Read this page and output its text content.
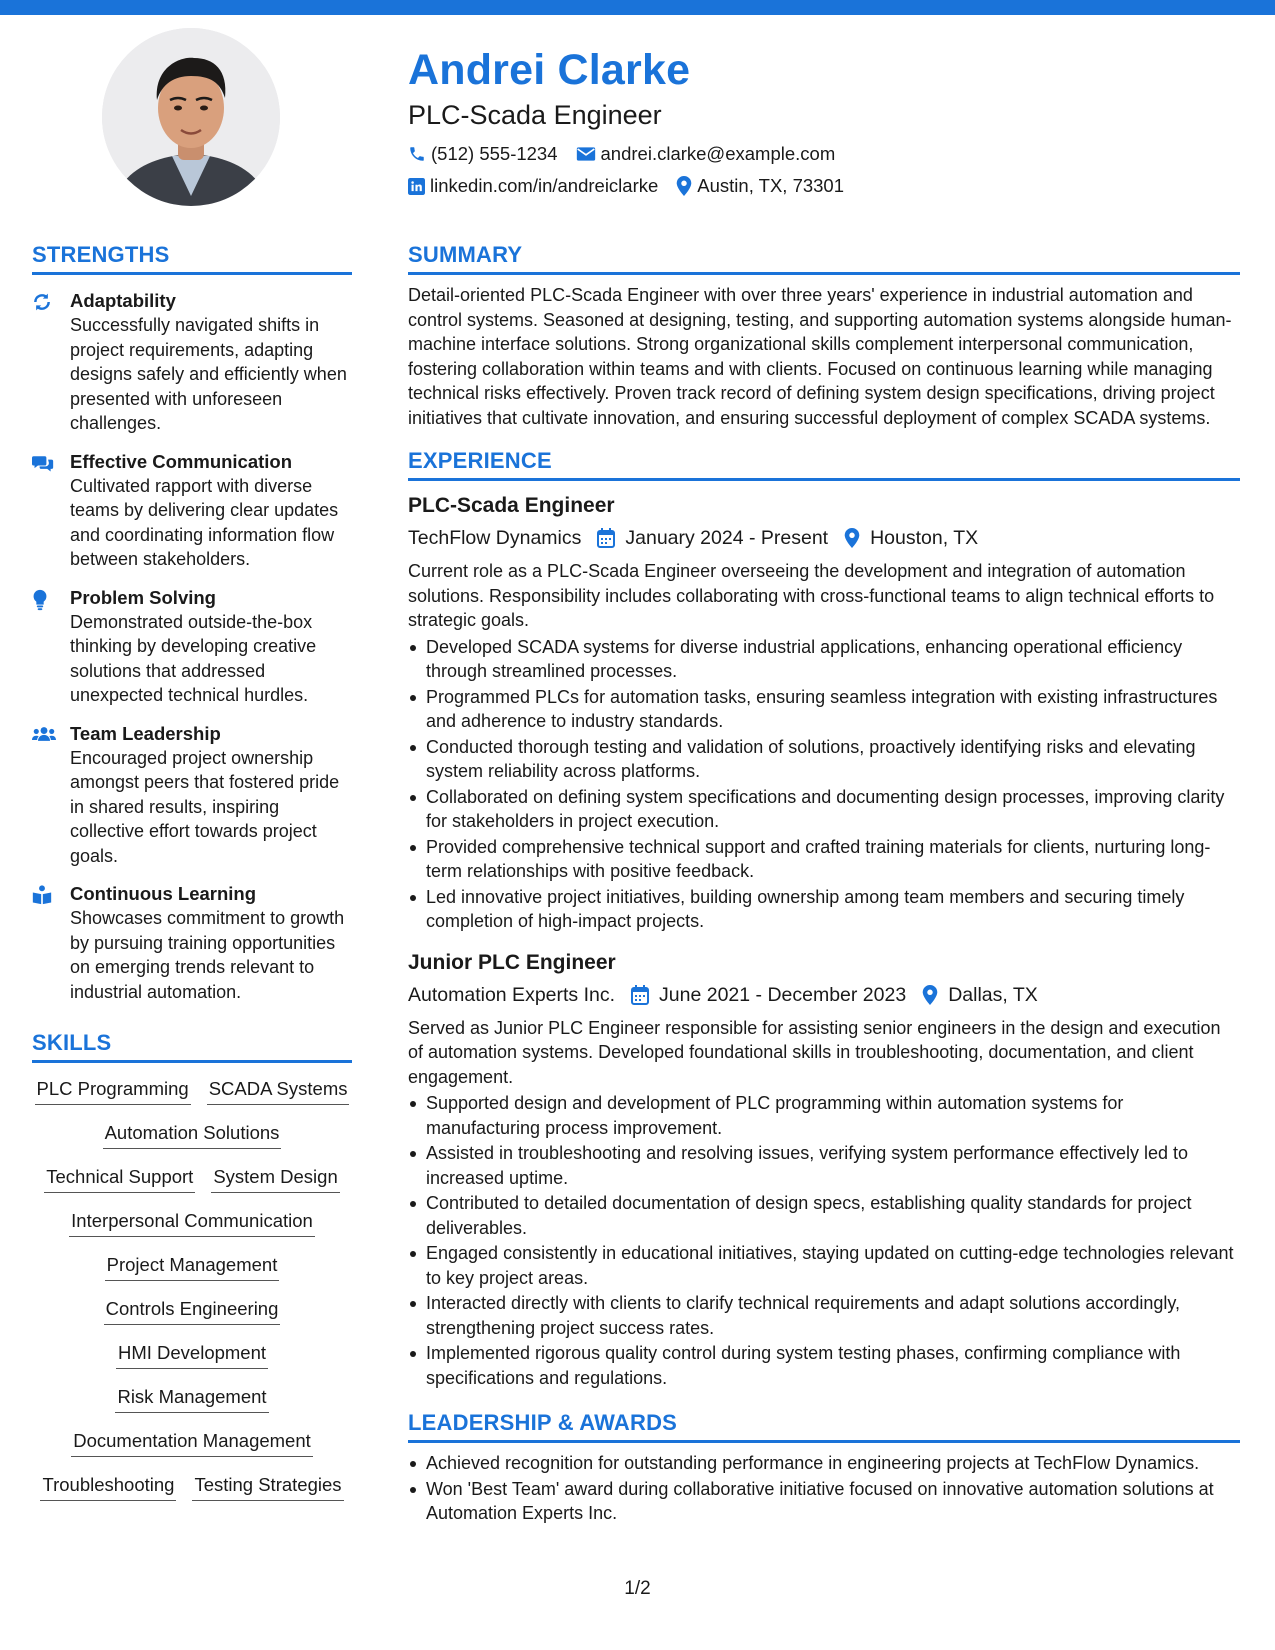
Andrei Clarke
PLC-Scada Engineer
(512) 555-1234 andrei.clarke@example.com
linkedin.com/in/andreiclarke Austin, TX, 73301
STRENGTHS
Adaptability
Successfully navigated shifts in project requirements, adapting designs safely and efficiently when presented with unforeseen challenges.
Effective Communication
Cultivated rapport with diverse teams by delivering clear updates and coordinating information flow between stakeholders.
Problem Solving
Demonstrated outside-the-box thinking by developing creative solutions that addressed unexpected technical hurdles.
Team Leadership
Encouraged project ownership amongst peers that fostered pride in shared results, inspiring collective effort towards project goals.
Continuous Learning
Showcases commitment to growth by pursuing training opportunities on emerging trends relevant to industrial automation.
SKILLS
PLC Programming SCADA Systems
Automation Solutions
Technical Support System Design
Interpersonal Communication
Project Management
Controls Engineering
HMI Development
Risk Management
Documentation Management
Troubleshooting Testing Strategies
SUMMARY
Detail-oriented PLC-Scada Engineer with over three years' experience in industrial automation and control systems. Seasoned at designing, testing, and supporting automation systems alongside human-machine interface solutions. Strong organizational skills complement interpersonal communication, fostering collaboration within teams and with clients. Focused on continuous learning while managing technical risks effectively. Proven track record of defining system design specifications, driving project initiatives that cultivate innovation, and ensuring successful deployment of complex SCADA systems.
EXPERIENCE
PLC-Scada Engineer
TechFlow Dynamics January 2024 - Present Houston, TX
Current role as a PLC-Scada Engineer overseeing the development and integration of automation solutions. Responsibility includes collaborating with cross-functional teams to align technical efforts to strategic goals.
Developed SCADA systems for diverse industrial applications, enhancing operational efficiency through streamlined processes.
Programmed PLCs for automation tasks, ensuring seamless integration with existing infrastructures and adherence to industry standards.
Conducted thorough testing and validation of solutions, proactively identifying risks and elevating system reliability across platforms.
Collaborated on defining system specifications and documenting design processes, improving clarity for stakeholders in project execution.
Provided comprehensive technical support and crafted training materials for clients, nurturing long-term relationships with positive feedback.
Led innovative project initiatives, building ownership among team members and securing timely completion of high-impact projects.
Junior PLC Engineer
Automation Experts Inc. June 2021 - December 2023 Dallas, TX
Served as Junior PLC Engineer responsible for assisting senior engineers in the design and execution of automation systems. Developed foundational skills in troubleshooting, documentation, and client engagement.
Supported design and development of PLC programming within automation systems for manufacturing process improvement.
Assisted in troubleshooting and resolving issues, verifying system performance effectively led to increased uptime.
Contributed to detailed documentation of design specs, establishing quality standards for project deliverables.
Engaged consistently in educational initiatives, staying updated on cutting-edge technologies relevant to key project areas.
Interacted directly with clients to clarify technical requirements and adapt solutions accordingly, strengthening project success rates.
Implemented rigorous quality control during system testing phases, confirming compliance with specifications and regulations.
LEADERSHIP & AWARDS
Achieved recognition for outstanding performance in engineering projects at TechFlow Dynamics.
Won 'Best Team' award during collaborative initiative focused on innovative automation solutions at Automation Experts Inc.
1/2
